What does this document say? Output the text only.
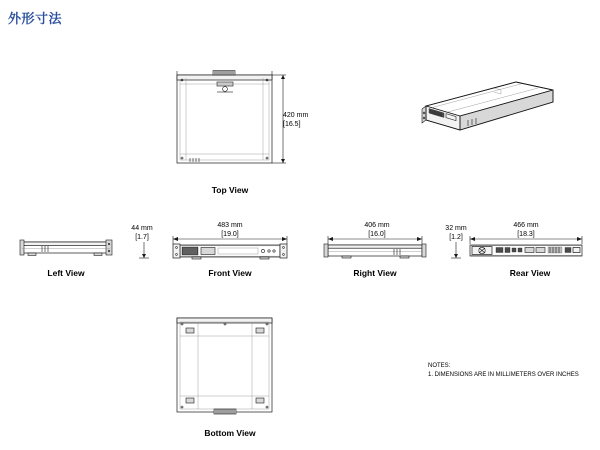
外形寸法
420 mm
[16.5]
Top View
Left View
44 mm
[1.7]
483 mm
[19.0]
Front View
406 mm
[16.0]
Right View
466 mm
[18.3]
Rear View
32 mm
[1.2]
Bottom View
NOTES:
1. DIMENSIONS ARE IN MILLIMETERS OVER INCHES
